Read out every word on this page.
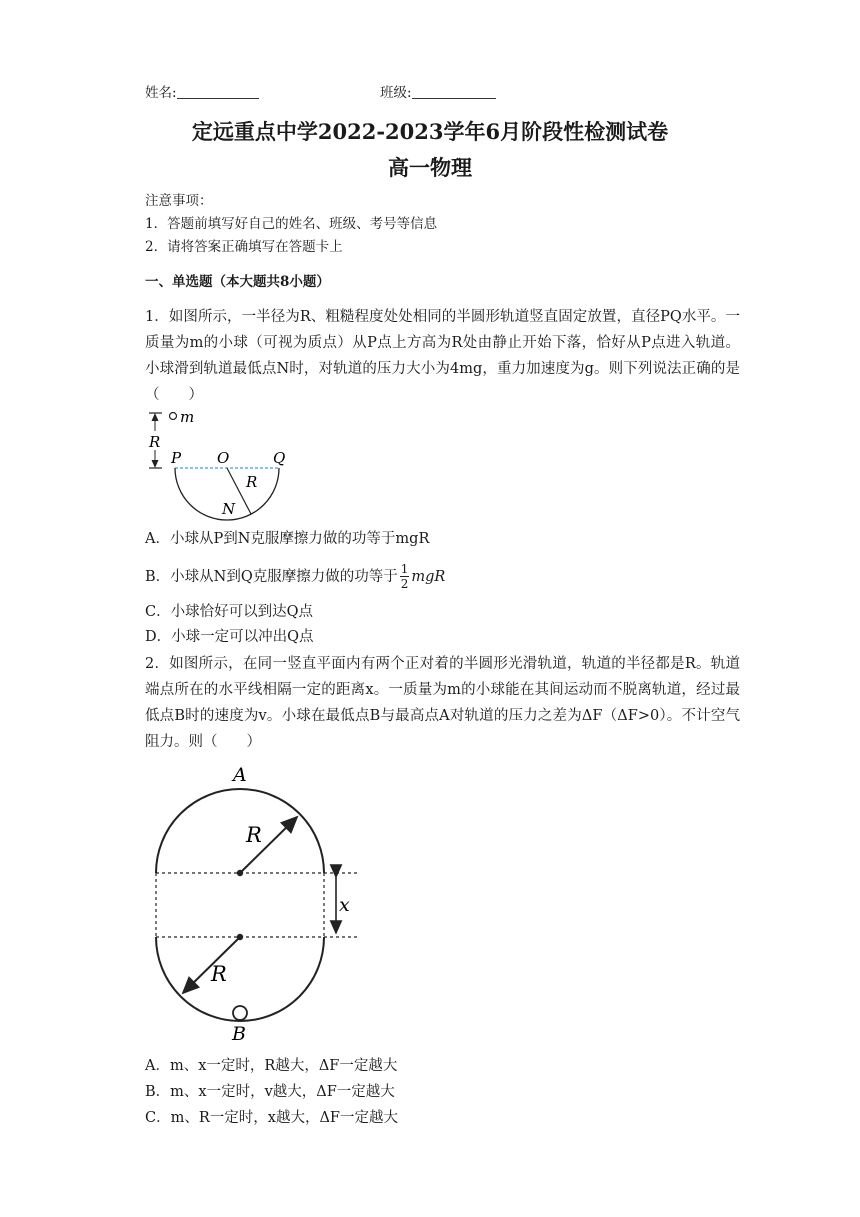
姓名:	班级:
定远重点中学2022-2023学年6月阶段性检测试卷
高一物理
注意事项：
1．答题前填写好自己的姓名、班级、考号等信息
2．请将答案正确填写在答题卡上
一、单选题（本大题共8小题）
1．如图所示，一半径为R、粗糙程度处处相同的半圆形轨道竖直固定放置，直径PQ水平。一质量为m的小球（可视为质点）从P点上方高为R处由静止开始下落，恰好从P点进入轨道。小球滑到轨道最低点N时，对轨道的压力大小为4mg，重力加速度为g。则下列说法正确的是（　　）
m
R
P O	Q
R
N
A．小球从P到N克服摩擦力做的功等于mgR
B．小球从N到Q克服摩擦力做的功等于 $\frac{1}{2}$ mgR
C．小球恰好可以到达Q点
D．小球一定可以冲出Q点
2．如图所示，在同一竖直平面内有两个正对着的半圆形光滑轨道，轨道的半径都是R。轨道端点所在的水平线相隔一定的距离x。一质量为m的小球能在其间运动而不脱离轨道，经过最低点B时的速度为v。小球在最低点B与最高点A对轨道的压力之差为ΔF（ΔF>0）。不计空气阻力。则（　　）
A
R
R
x
B
A．m、x一定时，R越大，ΔF一定越大
B．m、x一定时，v越大，ΔF一定越大
C．m、R一定时，x越大，ΔF一定越大
